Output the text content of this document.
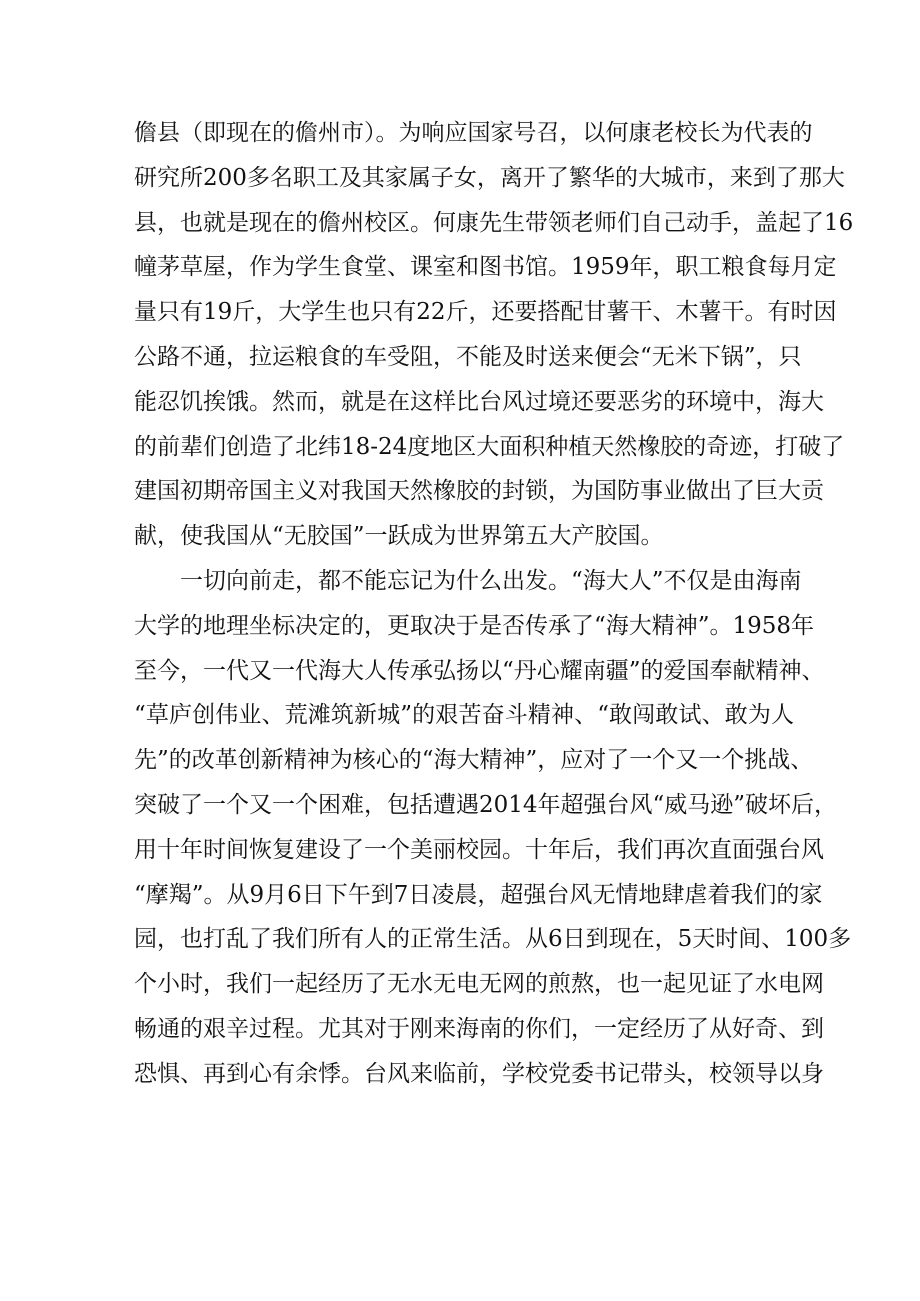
儋县（即现在的儋州市）。为响应国家号召，以何康老校长为代表的
研究所200多名职工及其家属子女，离开了繁华的大城市，来到了那大
县，也就是现在的儋州校区。何康先生带领老师们自己动手，盖起了16
幢茅草屋，作为学生食堂、课室和图书馆。1959年，职工粮食每月定
量只有19斤，大学生也只有22斤，还要搭配甘薯干、木薯干。有时因
公路不通，拉运粮食的车受阻，不能及时送来便会“无米下锅”，只
能忍饥挨饿。然而，就是在这样比台风过境还要恶劣的环境中，海大
的前辈们创造了北纬18-24度地区大面积种植天然橡胶的奇迹，打破了
建国初期帝国主义对我国天然橡胶的封锁，为国防事业做出了巨大贡
献，使我国从“无胶国”一跃成为世界第五大产胶国。
一切向前走，都不能忘记为什么出发。“海大人”不仅是由海南
大学的地理坐标决定的，更取决于是否传承了“海大精神”。1958年
至今，一代又一代海大人传承弘扬以“丹心耀南疆”的爱国奉献精神、
“草庐创伟业、荒滩筑新城”的艰苦奋斗精神、“敢闯敢试、敢为人
先”的改革创新精神为核心的“海大精神”，应对了一个又一个挑战、
突破了一个又一个困难，包括遭遇2014年超强台风“威马逊”破坏后，
用十年时间恢复建设了一个美丽校园。十年后，我们再次直面强台风
“摩羯”。从9月6日下午到7日凌晨，超强台风无情地肆虐着我们的家
园，也打乱了我们所有人的正常生活。从6日到现在，5天时间、100多
个小时，我们一起经历了无水无电无网的煎熬，也一起见证了水电网
畅通的艰辛过程。尤其对于刚来海南的你们，一定经历了从好奇、到
恐惧、再到心有余悸。台风来临前，学校党委书记带头，校领导以身
